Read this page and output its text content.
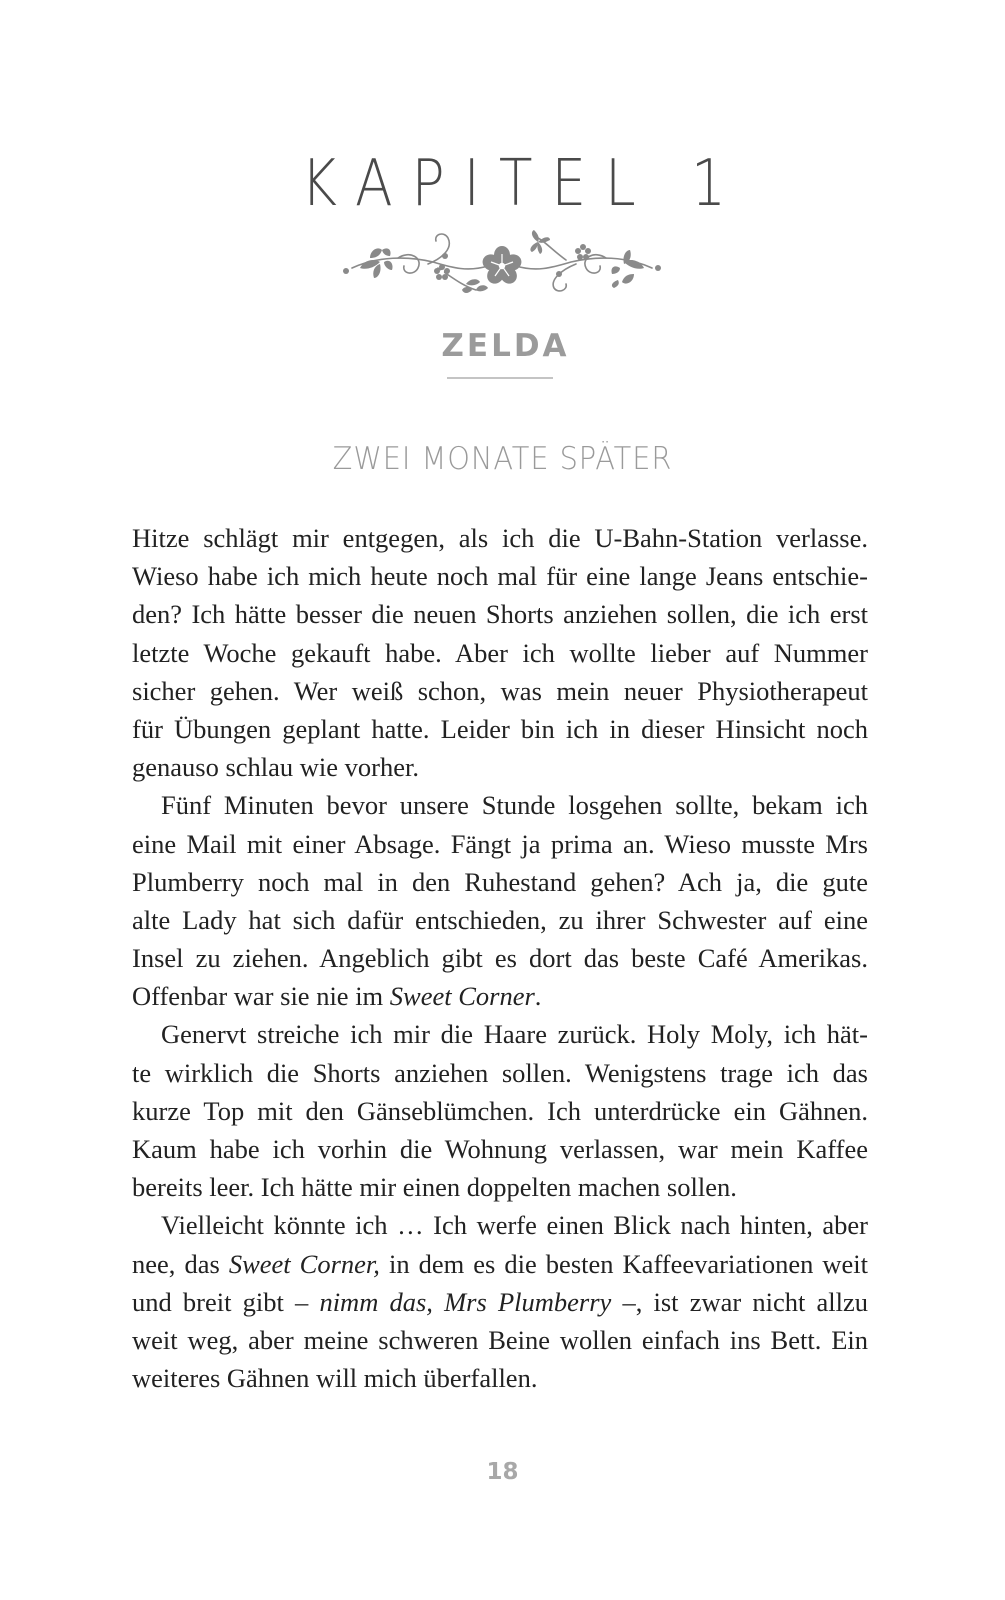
KAPITEL 1
ZELDA
ZWEI MONATE SPÄTER
Hitze schlägt mir entgegen, als ich die U-Bahn-Station verlasse.
Wieso habe ich mich heute noch mal für eine lange Jeans entschie-
den? Ich hätte besser die neuen Shorts anziehen sollen, die ich erst
letzte Woche gekauft habe. Aber ich wollte lieber auf Nummer
sicher gehen. Wer weiß schon, was mein neuer Physiotherapeut
für Übungen geplant hatte. Leider bin ich in dieser Hinsicht noch
genauso schlau wie vorher.
Fünf Minuten bevor unsere Stunde losgehen sollte, bekam ich
eine Mail mit einer Absage. Fängt ja prima an. Wieso musste Mrs
Plumberry noch mal in den Ruhestand gehen? Ach ja, die gute
alte Lady hat sich dafür entschieden, zu ihrer Schwester auf eine
Insel zu ziehen. Angeblich gibt es dort das beste Café Amerikas.
Offenbar war sie nie im Sweet Corner.
Genervt streiche ich mir die Haare zurück. Holy Moly, ich hät-
te wirklich die Shorts anziehen sollen. Wenigstens trage ich das
kurze Top mit den Gänseblümchen. Ich unterdrücke ein Gähnen.
Kaum habe ich vorhin die Wohnung verlassen, war mein Kaffee
bereits leer. Ich hätte mir einen doppelten machen sollen.
Vielleicht könnte ich … Ich werfe einen Blick nach hinten, aber
nee, das Sweet Corner, in dem es die besten Kaffeevariationen weit
und breit gibt – nimm das, Mrs Plumberry –, ist zwar nicht allzu
weit weg, aber meine schweren Beine wollen einfach ins Bett. Ein
weiteres Gähnen will mich überfallen.
18
